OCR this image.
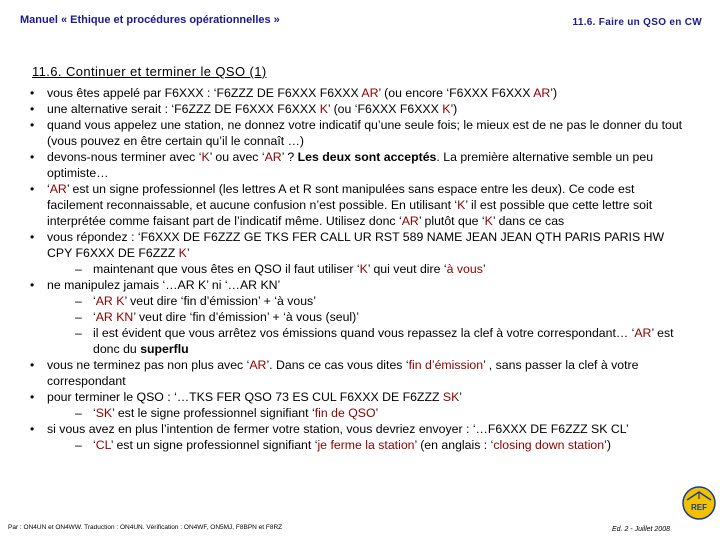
Manuel « Ethique et procédures opérationnelles »	11.6. Faire un QSO en CW
11.6. Continuer et terminer le QSO (1)
• vous êtes appelé par F6XXX : ‘F6ZZZ DE F6XXX F6XXX AR’ (ou encore ‘F6XXX F6XXX AR’)
• une alternative serait : ‘F6ZZZ DE F6XXX F6XXX K’ (ou ‘F6XXX F6XXX K’)
• quand vous appelez une station, ne donnez votre indicatif qu’une seule fois; le mieux est de ne pas le donner du tout (vous pouvez en être certain qu’il le connaît …)
• devons-nous terminer avec ‘K’ ou avec ‘AR’ ? Les deux sont acceptés. La première alternative semble un peu optimiste…
• ‘AR’ est un signe professionnel (les lettres A et R sont manipulées sans espace entre les deux). Ce code est facilement reconnaissable, et aucune confusion n’est possible. En utilisant ‘K’ il est possible que cette lettre soit interprétée comme faisant part de l’indicatif même. Utilisez donc ‘AR’ plutôt que ‘K’ dans ce cas
• vous répondez : ‘F6XXX DE F6ZZZ GE TKS FER CALL UR RST 589 NAME JEAN JEAN QTH PARIS PARIS HW CPY F6XXX DE F6ZZZ K’
– maintenant que vous êtes en QSO il faut utiliser ‘K’ qui veut dire ‘à vous’
• ne manipulez jamais ‘…AR K’ ni ‘…AR KN’
– ‘AR K’ veut dire ‘fin d’émission’ + ‘à vous’
– ‘AR KN’ veut dire ‘fin d’émission’ + ‘à vous (seul)’
– il est évident que vous arrêtez vos émissions quand vous repassez la clef à votre correspondant… ‘AR’ est donc du superflu
• vous ne terminez pas non plus avec ‘AR’. Dans ce cas vous dites ‘fin d’émission’ , sans passer la clef à votre correspondant
• pour terminer le QSO : ‘…TKS FER QSO 73 ES CUL F6XXX DE F6ZZZ SK’
– ‘SK’ est le signe professionnel signifiant ‘fin de QSO’
• si vous avez en plus l’intention de fermer votre station, vous devriez envoyer : ‘…F6XXX DE F6ZZZ SK CL’
– ‘CL’ est un signe professionnel signifiant ‘je ferme la station’ (en anglais : ‘closing down station’)
Par : ON4UN et ON4WW. Traduction : ON4UN. Vérification : ON4WF, ON5MJ, F8BPN et F8RZ	Ed. 2 - Juillet 2008
REF
